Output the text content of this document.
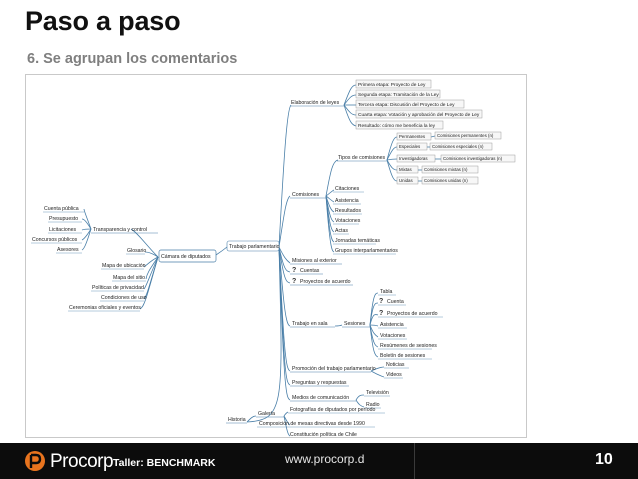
Paso a paso
6. Se agrupan los comentarios
Cámara de diputados
Trabajo parlamentario
Transparencia y control
Cuenta pública
Presupuesto
Licitaciones
Concursos públicos
Asesores	Glosario
Mapa de ubicación
Mapa del sitio
Políticas de privacidad
Condiciones de uso
Ceremonias oficiales y eventos
Elaboración de leyes
Primera etapa: Proyecto de Ley
Segunda etapa: Tramitación de la Ley
Tercera etapa: Discusión del Proyecto de Ley
Cuarta etapa: Votación y aprobación del Proyecto de Ley
Resultado: cómo me beneficia la ley
Comisiones
Tipos de comisiones
Permanentes
Especiales
Investigadoras
Mixtas
Unidas
Comisiones permanentes (n)
Comisiones especiales (n)
Comisiones investigadoras (n)
Comisiones mixtas (n)
Comisiones unidas (n)
Citaciones
Asistencia
Resultados
Votaciones
Actas
Jornadas temáticas
Grupos interparlamentarios
Misiones al exterior
? Cuentas
? Proyectos de acuerdo
Trabajo en sala	Sesiones
Tabla
? Cuenta
? Proyectos de acuerdo
Asistencia
Votaciones
Resúmenes de sesiones
Boletín de sesiones
Promoción del trabajo parlamentario
Noticias
Videos
Preguntas y respuestas
Medios de comunicación
Televisión
Radio
Historia
Galería
Fotografías de diputados por período
Composición de mesas directivas desde 1990
Constitución política de Chile
Procorp Taller: BENCHMARK	www.procorp.d	10
